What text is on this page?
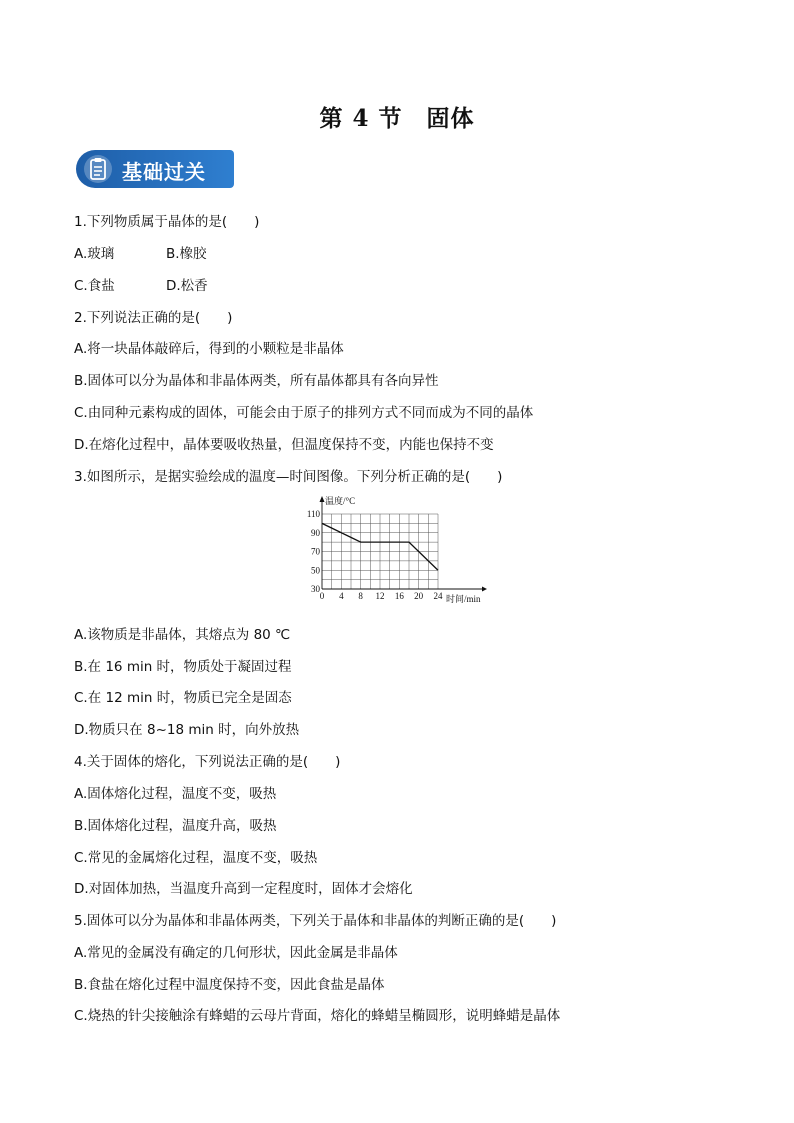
第 4 节　固体
基础过关
1.下列物质属于晶体的是(　　)
A.玻璃	B.橡胶
C.食盐	D.松香
2.下列说法正确的是(　　)
A.将一块晶体敲碎后，得到的小颗粒是非晶体
B.固体可以分为晶体和非晶体两类，所有晶体都具有各向异性
C.由同种元素构成的固体，可能会由于原子的排列方式不同而成为不同的晶体
D.在熔化过程中，晶体要吸收热量，但温度保持不变，内能也保持不变
3.如图所示，是据实验绘成的温度—时间图像。下列分析正确的是(　　)
0 4 8 12 16 20 24
30
50
70
90
110
温度/°C
时间/min
A.该物质是非晶体，其熔点为 80 ℃
B.在 16 min 时，物质处于凝固过程
C.在 12 min 时，物质已完全是固态
D.物质只在 8~18 min 时，向外放热
4.关于固体的熔化，下列说法正确的是(　　)
A.固体熔化过程，温度不变，吸热
B.固体熔化过程，温度升高，吸热
C.常见的金属熔化过程，温度不变，吸热
D.对固体加热，当温度升高到一定程度时，固体才会熔化
5.固体可以分为晶体和非晶体两类，下列关于晶体和非晶体的判断正确的是(　　)
A.常见的金属没有确定的几何形状，因此金属是非晶体
B.食盐在熔化过程中温度保持不变，因此食盐是晶体
C.烧热的针尖接触涂有蜂蜡的云母片背面，熔化的蜂蜡呈椭圆形，说明蜂蜡是晶体
